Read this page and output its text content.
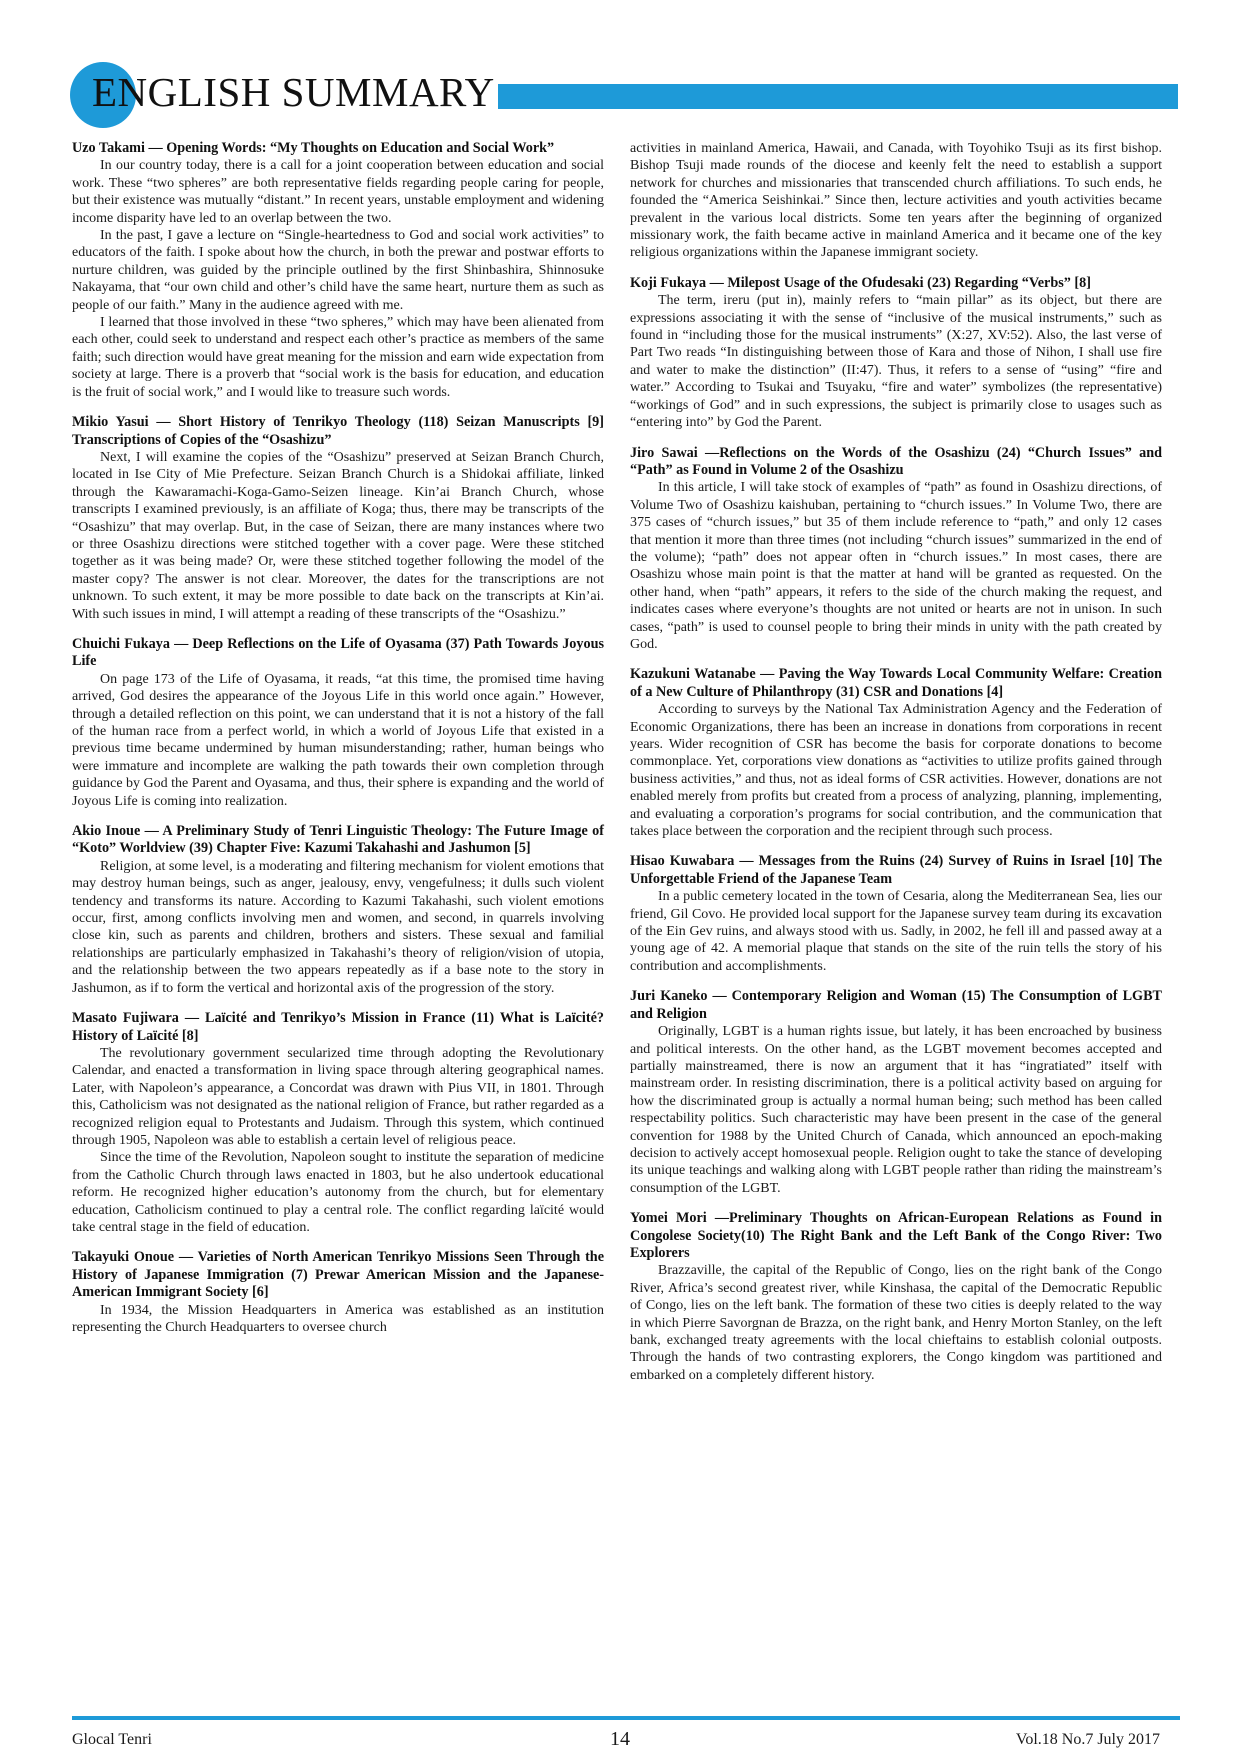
ENGLISH SUMMARY
Uzo Takami — Opening Words: “My Thoughts on Education and Social Work”

In our country today, there is a call for a joint cooperation between education and social work. These “two spheres” are both representative fields regarding people caring for people, but their existence was mutually “distant.” In recent years, unstable employment and widening income disparity have led to an overlap between the two.

In the past, I gave a lecture on “Single-heartedness to God and social work activities” to educators of the faith. I spoke about how the church, in both the prewar and postwar efforts to nurture children, was guided by the principle outlined by the first Shinbashira, Shinnosuke Nakayama, that “our own child and other’s child have the same heart, nurture them as such as people of our faith.” Many in the audience agreed with me.

I learned that those involved in these “two spheres,” which may have been alienated from each other, could seek to understand and respect each other’s practice as members of the same faith; such direction would have great meaning for the mission and earn wide expectation from society at large. There is a proverb that “social work is the basis for education, and education is the fruit of social work,” and I would like to treasure such words.

Mikio Yasui — Short History of Tenrikyo Theology (118) Seizan Manuscripts [9] Transcriptions of Copies of the “Osashizu”

Next, I will examine the copies of the “Osashizu” preserved at Seizan Branch Church, located in Ise City of Mie Prefecture. Seizan Branch Church is a Shidokai affiliate, linked through the Kawaramachi-Koga-Gamo-Seizen lineage. Kin’ai Branch Church, whose transcripts I examined previously, is an affiliate of Koga; thus, there may be transcripts of the “Osashizu” that may overlap. But, in the case of Seizan, there are many instances where two or three Osashizu directions were stitched together with a cover page. Were these stitched together as it was being made? Or, were these stitched together following the model of the master copy? The answer is not clear. Moreover, the dates for the transcriptions are not unknown. To such extent, it may be more possible to date back on the transcripts at Kin’ai. With such issues in mind, I will attempt a reading of these transcripts of the “Osashizu.”

Chuichi Fukaya — Deep Reflections on the Life of Oyasama (37) Path Towards Joyous Life

On page 173 of the Life of Oyasama, it reads, “at this time, the promised time having arrived, God desires the appearance of the Joyous Life in this world once again.” However, through a detailed reflection on this point, we can understand that it is not a history of the fall of the human race from a perfect world, in which a world of Joyous Life that existed in a previous time became undermined by human misunderstanding; rather, human beings who were immature and incomplete are walking the path towards their own completion through guidance by God the Parent and Oyasama, and thus, their sphere is expanding and the world of Joyous Life is coming into realization.

Akio Inoue — A Preliminary Study of Tenri Linguistic Theology: The Future Image of “Koto” Worldview (39) Chapter Five: Kazumi Takahashi and Jashumon [5]

Religion, at some level, is a moderating and filtering mechanism for violent emotions that may destroy human beings, such as anger, jealousy, envy, vengefulness; it dulls such violent tendency and transforms its nature. According to Kazumi Takahashi, such violent emotions occur, first, among conflicts involving men and women, and second, in quarrels involving close kin, such as parents and children, brothers and sisters. These sexual and familial relationships are particularly emphasized in Takahashi’s theory of religion/vision of utopia, and the relationship between the two appears repeatedly as if a base note to the story in Jashumon, as if to form the vertical and horizontal axis of the progression of the story.

Masato Fujiwara — Laïcité and Tenrikyo’s Mission in France (11) What is Laïcité? History of Laïcité [8]

The revolutionary government secularized time through adopting the Revolutionary Calendar, and enacted a transformation in living space through altering geographical names. Later, with Napoleon’s appearance, a Concordat was drawn with Pius VII, in 1801. Through this, Catholicism was not designated as the national religion of France, but rather regarded as a recognized religion equal to Protestants and Judaism. Through this system, which continued through 1905, Napoleon was able to establish a certain level of religious peace.

Since the time of the Revolution, Napoleon sought to institute the separation of medicine from the Catholic Church through laws enacted in 1803, but he also undertook educational reform. He recognized higher education’s autonomy from the church, but for elementary education, Catholicism continued to play a central role. The conflict regarding laïcité would take central stage in the field of education.

Takayuki Onoue — Varieties of North American Tenrikyo Missions Seen Through the History of Japanese Immigration (7) Prewar American Mission and the Japanese-American Immigrant Society [6]

In 1934, the Mission Headquarters in America was established as an institution representing the Church Headquarters to oversee church

activities in mainland America, Hawaii, and Canada, with Toyohiko Tsuji as its first bishop. Bishop Tsuji made rounds of the diocese and keenly felt the need to establish a support network for churches and missionaries that transcended church affiliations. To such ends, he founded the “America Seishinkai.” Since then, lecture activities and youth activities became prevalent in the various local districts. Some ten years after the beginning of organized missionary work, the faith became active in mainland America and it became one of the key religious organizations within the Japanese immigrant society.

Koji Fukaya — Milepost Usage of the Ofudesaki (23) Regarding “Verbs” [8]

The term, ireru (put in), mainly refers to “main pillar” as its object, but there are expressions associating it with the sense of “inclusive of the musical instruments,” such as found in “including those for the musical instruments” (X:27, XV:52). Also, the last verse of Part Two reads “In distinguishing between those of Kara and those of Nihon, I shall use fire and water to make the distinction” (II:47). Thus, it refers to a sense of “using” “fire and water.” According to Tsukai and Tsuyaku, “fire and water” symbolizes (the representative) “workings of God” and in such expressions, the subject is primarily close to usages such as “entering into” by God the Parent.

Jiro Sawai —Reflections on the Words of the Osashizu (24) “Church Issues” and “Path” as Found in Volume 2 of the Osashizu

In this article, I will take stock of examples of “path” as found in Osashizu directions, of Volume Two of Osashizu kaishuban, pertaining to “church issues.” In Volume Two, there are 375 cases of “church issues,” but 35 of them include reference to “path,” and only 12 cases that mention it more than three times (not including “church issues” summarized in the end of the volume); “path” does not appear often in “church issues.” In most cases, there are Osashizu whose main point is that the matter at hand will be granted as requested. On the other hand, when “path” appears, it refers to the side of the church making the request, and indicates cases where everyone’s thoughts are not united or hearts are not in unison. In such cases, “path” is used to counsel people to bring their minds in unity with the path created by God.

Kazukuni Watanabe — Paving the Way Towards Local Community Welfare: Creation of a New Culture of Philanthropy (31) CSR and Donations [4]

According to surveys by the National Tax Administration Agency and the Federation of Economic Organizations, there has been an increase in donations from corporations in recent years. Wider recognition of CSR has become the basis for corporate donations to become commonplace. Yet, corporations view donations as “activities to utilize profits gained through business activities,” and thus, not as ideal forms of CSR activities. However, donations are not enabled merely from profits but created from a process of analyzing, planning, implementing, and evaluating a corporation’s programs for social contribution, and the communication that takes place between the corporation and the recipient through such process.

Hisao Kuwabara — Messages from the Ruins (24) Survey of Ruins in Israel [10] The Unforgettable Friend of the Japanese Team

In a public cemetery located in the town of Cesaria, along the Mediterranean Sea, lies our friend, Gil Covo. He provided local support for the Japanese survey team during its excavation of the Ein Gev ruins, and always stood with us. Sadly, in 2002, he fell ill and passed away at a young age of 42. A memorial plaque that stands on the site of the ruin tells the story of his contribution and accomplishments.

Juri Kaneko — Contemporary Religion and Woman (15) The Consumption of LGBT and Religion

Originally, LGBT is a human rights issue, but lately, it has been encroached by business and political interests. On the other hand, as the LGBT movement becomes accepted and partially mainstreamed, there is now an argument that it has “ingratiated” itself with mainstream order. In resisting discrimination, there is a political activity based on arguing for how the discriminated group is actually a normal human being; such method has been called respectability politics. Such characteristic may have been present in the case of the general convention for 1988 by the United Church of Canada, which announced an epoch-making decision to actively accept homosexual people. Religion ought to take the stance of developing its unique teachings and walking along with LGBT people rather than riding the mainstream’s consumption of the LGBT.

Yomei Mori —Preliminary Thoughts on African-European Relations as Found in Congolese Society(10) The Right Bank and the Left Bank of the Congo River: Two Explorers

Brazzaville, the capital of the Republic of Congo, lies on the right bank of the Congo River, Africa’s second greatest river, while Kinshasa, the capital of the Democratic Republic of Congo, lies on the left bank. The formation of these two cities is deeply related to the way in which Pierre Savorgnan de Brazza, on the right bank, and Henry Morton Stanley, on the left bank, exchanged treaty agreements with the local chieftains to establish colonial outposts. Through the hands of two contrasting explorers, the Congo kingdom was partitioned and embarked on a completely different history.

Glocal Tenri	14	Vol.18 No.7 July 2017
